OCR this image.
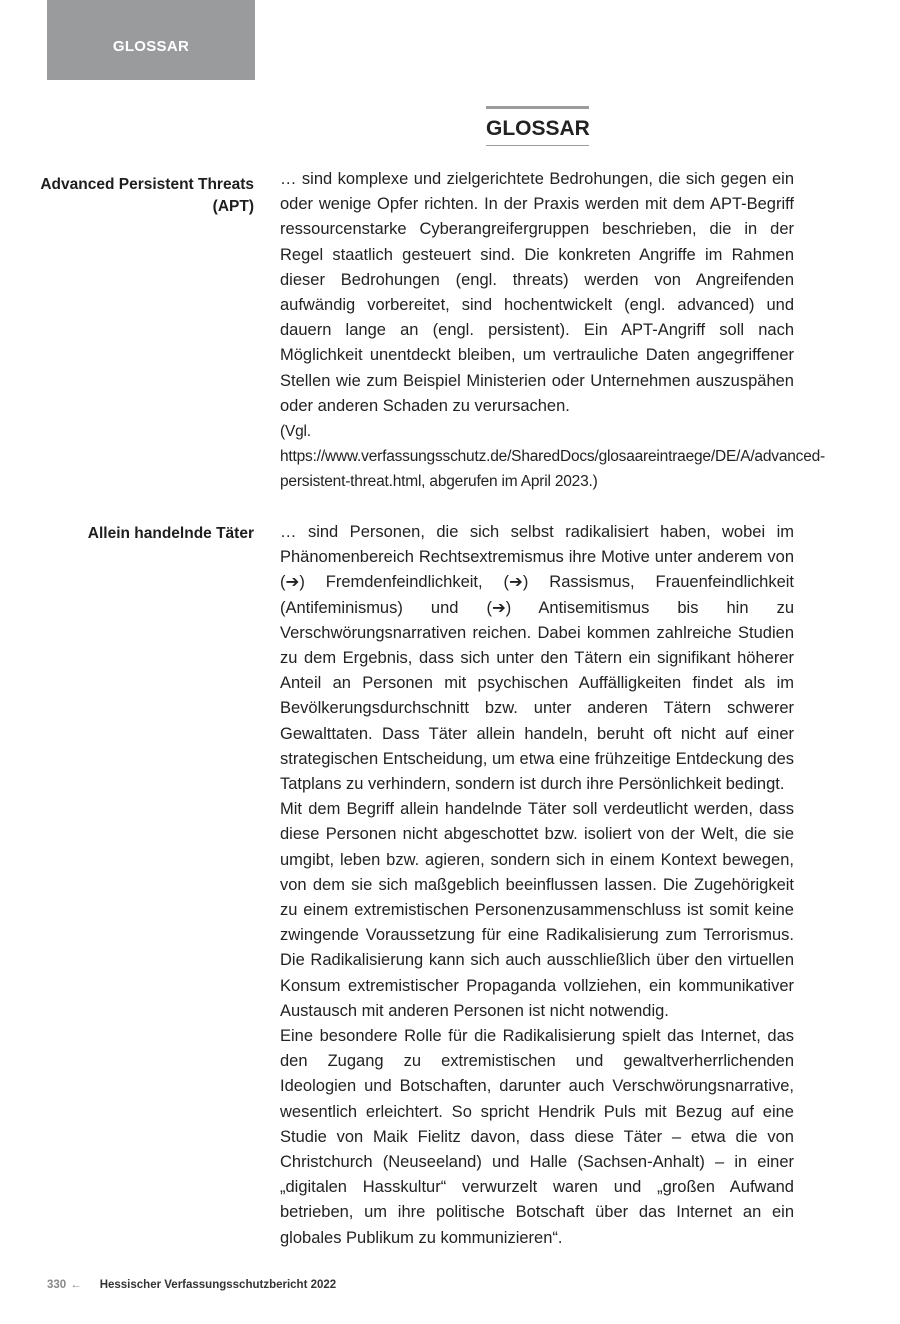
GLOSSAR
GLOSSAR
Advanced Persistent Threats (APT)

… sind komplexe und zielgerichtete Bedrohungen, die sich gegen ein oder wenige Opfer richten. In der Praxis werden mit dem APT-Begriff ressourcenstarke Cyberangreifergruppen beschrieben, die in der Regel staatlich gesteuert sind. Die konkreten Angriffe im Rahmen dieser Bedrohungen (engl. threats) werden von Angreifenden aufwändig vorbereitet, sind hochentwickelt (engl. advanced) und dauern lange an (engl. persistent). Ein APT-Angriff soll nach Möglichkeit unentdeckt bleiben, um vertrauliche Daten angegriffener Stellen wie zum Beispiel Ministerien oder Unternehmen auszuspähen oder anderen Schaden zu verursachen.

(Vgl. https://www.verfassungsschutz.de/SharedDocs/glosaareintraege/DE/A/advanced-persistent-threat.html, abgerufen im April 2023.)

Allein handelnde Täter … sind Personen, die sich selbst radikalisiert haben, wobei im Phänomenbereich Rechtsextremismus ihre Motive unter anderem von (➔) Fremdenfeindlichkeit, (➔) Rassismus, Frauenfeindlichkeit (Antifeminismus) und (➔) Antisemitismus bis hin zu Verschwörungsnarrativen reichen. Dabei kommen zahlreiche Studien zu dem Ergebnis, dass sich unter den Tätern ein signifikant höherer Anteil an Personen mit psychischen Auffälligkeiten findet als im Bevölkerungsdurchschnitt bzw. unter anderen Tätern schwerer Gewalttaten. Dass Täter allein handeln, beruht oft nicht auf einer strategischen Entscheidung, um etwa eine frühzeitige Entdeckung des Tatplans zu verhindern, sondern ist durch ihre Persönlichkeit bedingt.

Mit dem Begriff allein handelnde Täter soll verdeutlicht werden, dass diese Personen nicht abgeschottet bzw. isoliert von der Welt, die sie umgibt, leben bzw. agieren, sondern sich in einem Kontext bewegen, von dem sie sich maßgeblich beeinflussen lassen. Die Zugehörigkeit zu einem extremistischen Personenzusammenschluss ist somit keine zwingende Voraussetzung für eine Radikalisierung zum Terrorismus. Die Radikalisierung kann sich auch ausschließlich über den virtuellen Konsum extremistischer Propaganda vollziehen, ein kommunikativer Austausch mit anderen Personen ist nicht notwendig.

Eine besondere Rolle für die Radikalisierung spielt das Internet, das den Zugang zu extremistischen und gewaltverherrlichenden Ideologien und Botschaften, darunter auch Verschwörungsnarrative, wesentlich erleichtert. So spricht Hendrik Puls mit Bezug auf eine Studie von Maik Fielitz davon, dass diese Täter – etwa die von Christchurch (Neuseeland) und Halle (Sachsen-Anhalt) – in einer „digitalen Hasskultur“ verwurzelt waren und „großen Aufwand betrieben, um ihre politische Botschaft über das Internet an ein globales Publikum zu kommunizieren“.

330 ← Hessischer Verfassungsschutzbericht 2022
